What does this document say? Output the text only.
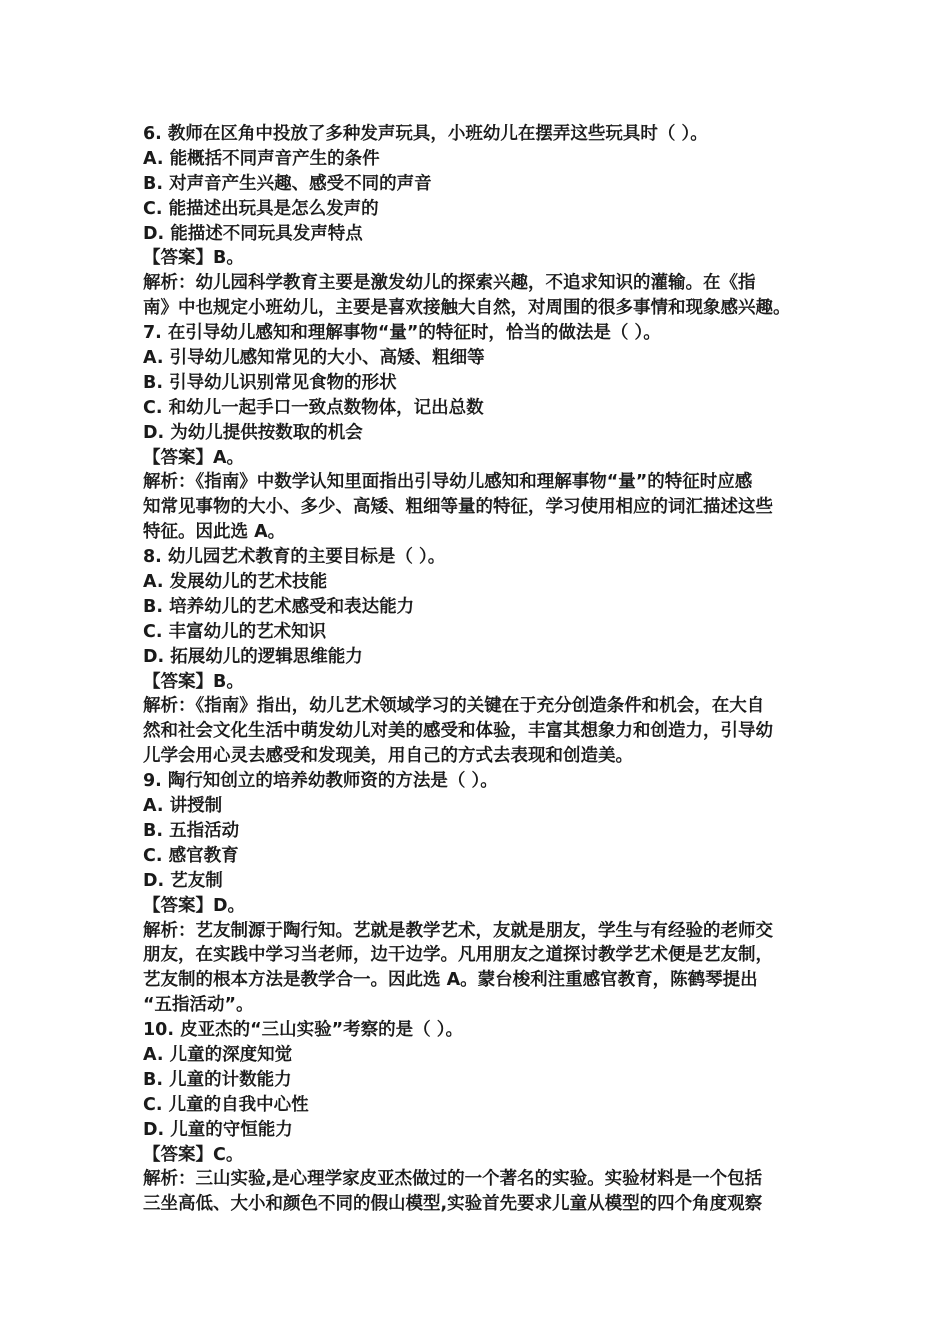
6. 教师在区角中投放了多种发声玩具，小班幼儿在摆弄这些玩具时（ ）。
A. 能概括不同声音产生的条件
B. 对声音产生兴趣、感受不同的声音
C. 能描述出玩具是怎么发声的
D. 能描述不同玩具发声特点
【答案】B。
解析：幼儿园科学教育主要是激发幼儿的探索兴趣，不追求知识的灌输。在《指
南》中也规定小班幼儿，主要是喜欢接触大自然，对周围的很多事情和现象感兴趣。
7. 在引导幼儿感知和理解事物“量”的特征时，恰当的做法是（ ）。
A. 引导幼儿感知常见的大小、高矮、粗细等
B. 引导幼儿识别常见食物的形状
C. 和幼儿一起手口一致点数物体，记出总数
D. 为幼儿提供按数取的机会
【答案】A。
解析：《指南》中数学认知里面指出引导幼儿感知和理解事物“量”的特征时应感
知常见事物的大小、多少、高矮、粗细等量的特征，学习使用相应的词汇描述这些
特征。因此选 A。
8. 幼儿园艺术教育的主要目标是（ ）。
A. 发展幼儿的艺术技能
B. 培养幼儿的艺术感受和表达能力
C. 丰富幼儿的艺术知识
D. 拓展幼儿的逻辑思维能力
【答案】B。
解析：《指南》指出，幼儿艺术领域学习的关键在于充分创造条件和机会，在大自
然和社会文化生活中萌发幼儿对美的感受和体验，丰富其想象力和创造力，引导幼
儿学会用心灵去感受和发现美，用自己的方式去表现和创造美。
9. 陶行知创立的培养幼教师资的方法是（ ）。
A. 讲授制
B. 五指活动
C. 感官教育
D. 艺友制
【答案】D。
解析：艺友制源于陶行知。艺就是教学艺术，友就是朋友，学生与有经验的老师交
朋友，在实践中学习当老师，边干边学。凡用朋友之道探讨教学艺术便是艺友制，
艺友制的根本方法是教学合一。因此选 A。蒙台梭利注重感官教育，陈鹤琴提出
“五指活动”。
10. 皮亚杰的“三山实验”考察的是（ ）。
A. 儿童的深度知觉
B. 儿童的计数能力
C. 儿童的自我中心性
D. 儿童的守恒能力
【答案】C。
解析：三山实验,是心理学家皮亚杰做过的一个著名的实验。实验材料是一个包括
三坐高低、大小和颜色不同的假山模型,实验首先要求儿童从模型的四个角度观察
